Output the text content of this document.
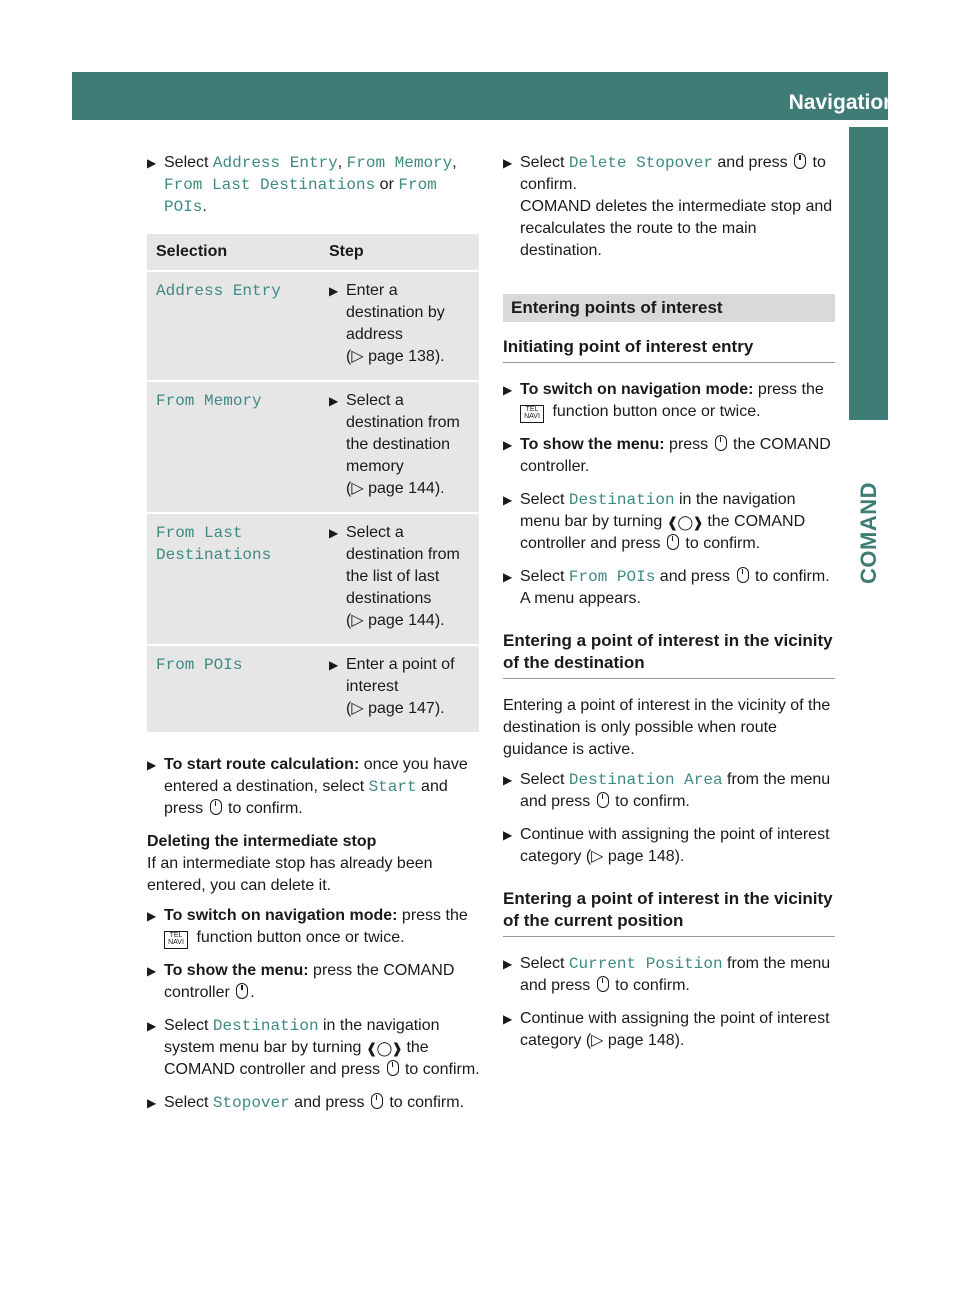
Navigation	147
COMAND
▶ Select Address Entry, From Memory, From Last Destinations or From POIs.
Selection	Step
Address Entry	▶ Enter a destination by address
(▷ page 138).

From Memory	▶ Select a destination from the destination memory
(▷ page 144).

From Last Destinations	▶ Select a destination from the list of last destinations
(▷ page 144).

From POIs	▶ Enter a point of interest
(▷ page 147).
▶ To start route calculation: once you have entered a destination, select Start and press  to confirm.
Deleting the intermediate stop
If an intermediate stop has already been entered, you can delete it.
▶ To switch on navigation mode: press the
TEL
NAVI function button once or twice.
▶ To show the menu: press the COMAND controller .
▶ Select Destination in the navigation system menu bar by turning ❰◯❱ the COMAND controller and press  to confirm.
▶ Select Stopover and press  to confirm.
▶ Select Delete Stopover and press  to confirm.
COMAND deletes the intermediate stop and recalculates the route to the main destination.
Entering points of interest
Initiating point of interest entry
▶ To switch on navigation mode: press the
TEL
NAVI function button once or twice.
▶ To show the menu: press  the COMAND controller.
▶ Select Destination in the navigation menu bar by turning ❰◯❱ the COMAND controller and press  to confirm.
▶ Select From POIs and press  to confirm.
A menu appears.
Entering a point of interest in the vicinity of the destination
Entering a point of interest in the vicinity of the destination is only possible when route guidance is active.
▶ Select Destination Area from the menu and press  to confirm.
▶ Continue with assigning the point of interest category (▷ page 148).
Entering a point of interest in the vicinity of the current position
▶ Select Current Position from the menu and press  to confirm.
▶ Continue with assigning the point of interest category (▷ page 148).
